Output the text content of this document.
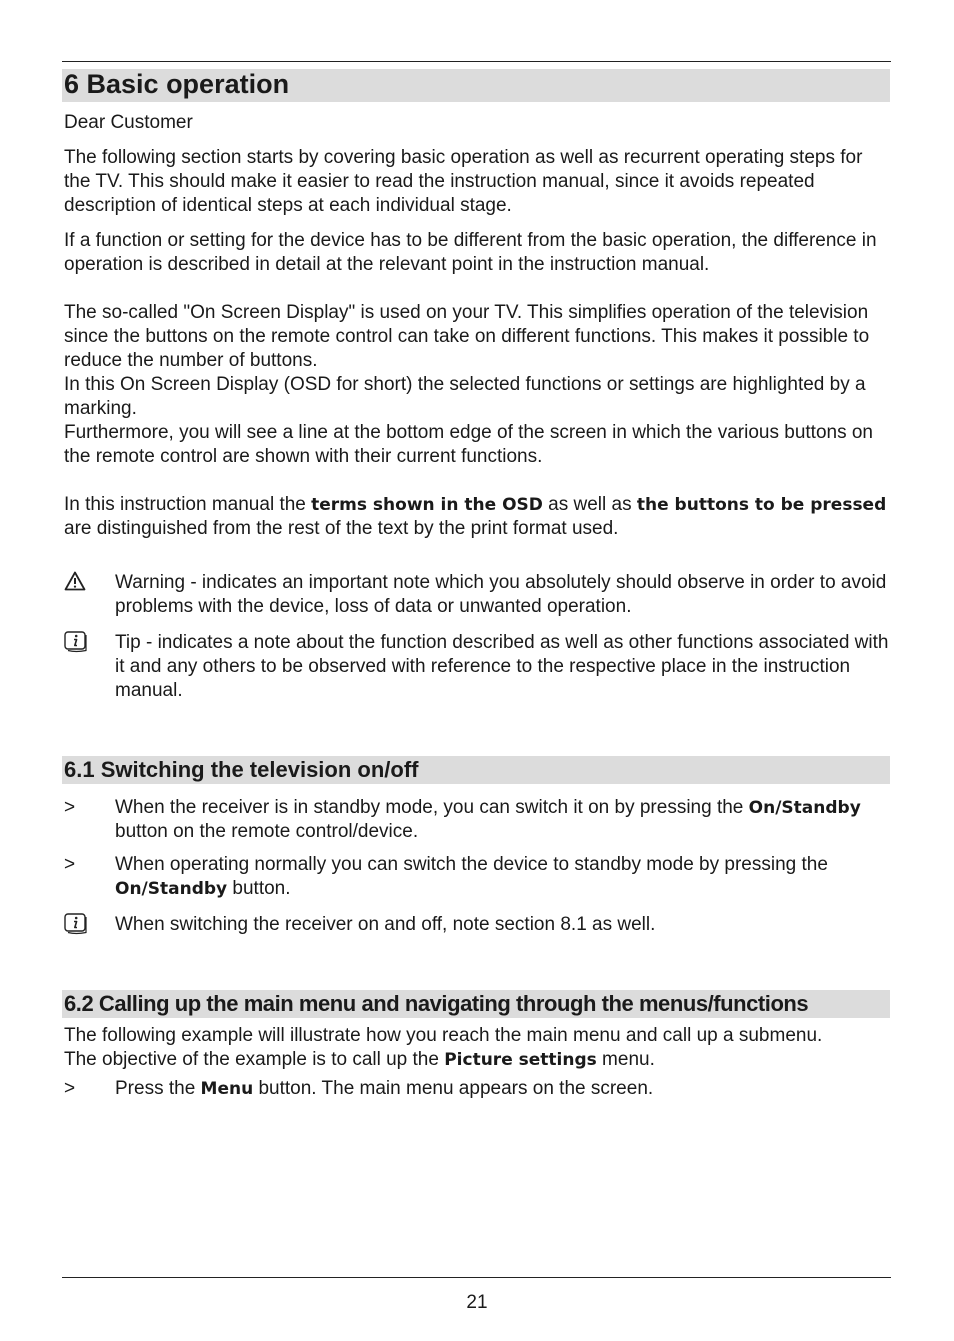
6 Basic operation
Dear Customer
The following section starts by covering basic operation as well as recurrent operating steps for the TV. This should make it easier to read the instruction manual, since it avoids repeated description of identical steps at each individual stage.
If a function or setting for the device has to be different from the basic operation, the difference in operation is described in detail at the relevant point in the instruction manual.
The so-called "On Screen Display" is used on your TV. This simplifies operation of the television since the buttons on the remote control can take on different functions. This makes it possible to reduce the number of buttons.
In this On Screen Display (OSD for short) the selected functions or settings are highlighted by a marking.
Furthermore, you will see a line at the bottom edge of the screen in which the various buttons on the remote control are shown with their current functions.
In this instruction manual the terms shown in the OSD as well as the buttons to be pressed are distinguished from the rest of the text by the print format used.
Warning - indicates an important note which you absolutely should observe in order to avoid problems with the device, loss of data or unwanted operation.
Tip - indicates a note about the function described as well as other functions associated with it and any others to be observed with reference to the respective place in the instruction manual.
6.1 Switching the television on/off
>	When the receiver is in standby mode, you can switch it on by pressing the On/Standby button on the remote control/device.
>	When operating normally you can switch the device to standby mode by pressing the On/Standby button.
When switching the receiver on and off, note section 8.1 as well.
6.2 Calling up the main menu and navigating through the menus/functions
The following example will illustrate how you reach the main menu and call up a submenu.
The objective of the example is to call up the Picture settings menu.
>	Press the Menu button. The main menu appears on the screen.
21
